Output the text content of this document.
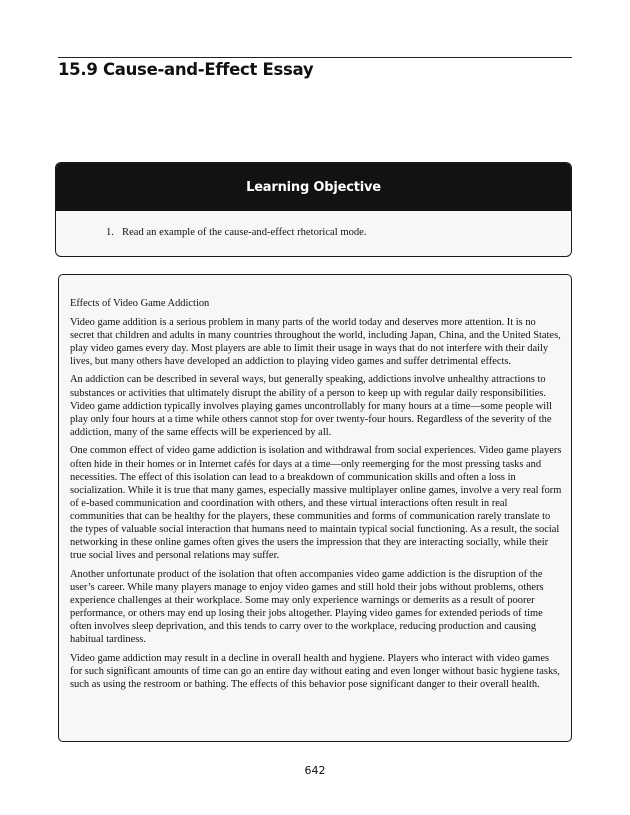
15.9 Cause-and-Effect Essay
Learning Objective
1. Read an example of the cause-and-effect rhetorical mode.

Effects of Video Game Addiction

Video game addition is a serious problem in many parts of the world today and deserves more attention. It is no secret that children and adults in many countries throughout the world, including Japan, China, and the United States, play video games every day. Most players are able to limit their usage in ways that do not interfere with their daily lives, but many others have developed an addiction to playing video games and suffer detrimental effects.

An addiction can be described in several ways, but generally speaking, addictions involve unhealthy attractions to substances or activities that ultimately disrupt the ability of a person to keep up with regular daily responsibilities. Video game addiction typically involves playing games uncontrollably for many hours at a time—some people will play only four hours at a time while others cannot stop for over twenty-four hours. Regardless of the severity of the addiction, many of the same effects will be experienced by all.

One common effect of video game addiction is isolation and withdrawal from social experiences. Video game players often hide in their homes or in Internet cafés for days at a time—only reemerging for the most pressing tasks and necessities. The effect of this isolation can lead to a breakdown of communication skills and often a loss in socialization. While it is true that many games, especially massive multiplayer online games, involve a very real form of e-based communication and coordination with others, and these virtual interactions often result in real communities that can be healthy for the players, these communities and forms of communication rarely translate to the types of valuable social interaction that humans need to maintain typical social functioning. As a result, the social networking in these online games often gives the users the impression that they are interacting socially, while their true social lives and personal relations may suffer.

Another unfortunate product of the isolation that often accompanies video game addiction is the disruption of the user’s career. While many players manage to enjoy video games and still hold their jobs without problems, others experience challenges at their workplace. Some may only experience warnings or demerits as a result of poorer performance, or others may end up losing their jobs altogether. Playing video games for extended periods of time often involves sleep deprivation, and this tends to carry over to the workplace, reducing production and causing habitual tardiness.

Video game addiction may result in a decline in overall health and hygiene. Players who interact with video games for such significant amounts of time can go an entire day without eating and even longer without basic hygiene tasks, such as using the restroom or bathing. The effects of this behavior pose significant danger to their overall health.

642
